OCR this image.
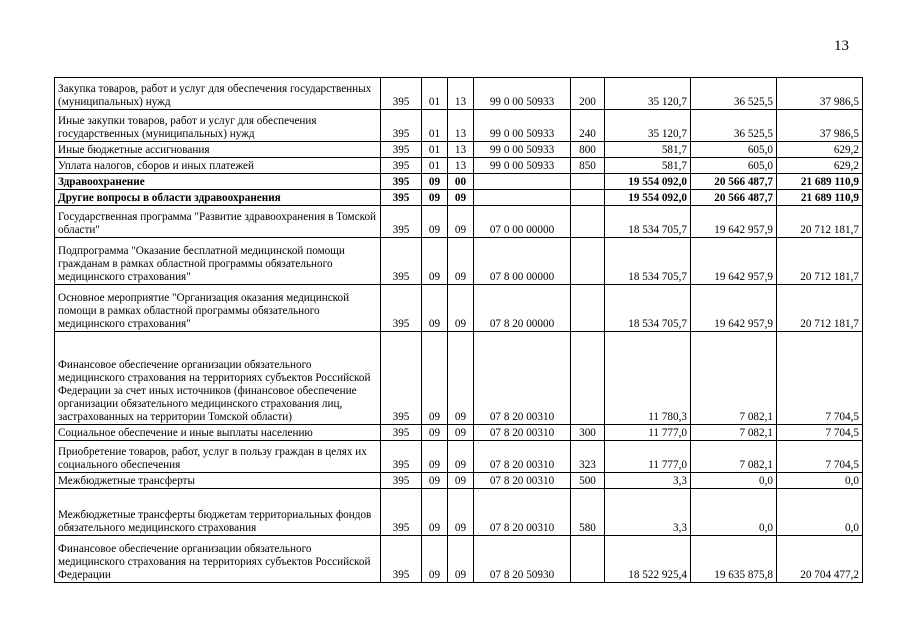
13
Закупка товаров, работ и услуг для обеспечения государственных (муниципальных) нужд	395	01	13	99 0 00 50933	200	35 120,7	36 525,5	37 986,5
Иные закупки товаров, работ и услуг для обеспечения государственных (муниципальных) нужд	395	01	13	99 0 00 50933	240	35 120,7	36 525,5	37 986,5
Иные бюджетные ассигнования	395	01	13	99 0 00 50933	800	581,7	605,0	629,2
Уплата налогов, сборов и иных платежей	395	01	13	99 0 00 50933	850	581,7	605,0	629,2
Здравоохранение	395	09	00			19 554 092,0	20 566 487,7	21 689 110,9
Другие вопросы в области здравоохранения	395	09	09			19 554 092,0	20 566 487,7	21 689 110,9
Государственная программа "Развитие здравоохранения в Томской области"	395	09	09	07 0 00 00000		18 534 705,7	19 642 957,9	20 712 181,7
Подпрограмма "Оказание бесплатной медицинской помощи гражданам в рамках областной программы обязательного медицинского страхования"	395	09	09	07 8 00 00000		18 534 705,7	19 642 957,9	20 712 181,7
Основное мероприятие "Организация оказания медицинской помощи в рамках областной программы обязательного медицинского страхования"	395	09	09	07 8 20 00000		18 534 705,7	19 642 957,9	20 712 181,7
Финансовое обеспечение организации обязательного медицинского страхования на территориях субъектов Российской Федерации за счет иных источников (финансовое обеспечение организации обязательного медицинского страхования лиц, застрахованных на территории Томской области)	395	09	09	07 8 20 00310		11 780,3	7 082,1	7 704,5
Социальное обеспечение и иные выплаты населению	395	09	09	07 8 20 00310	300	11 777,0	7 082,1	7 704,5
Приобретение товаров, работ, услуг в пользу граждан в целях их социального обеспечения	395	09	09	07 8 20 00310	323	11 777,0	7 082,1	7 704,5
Межбюджетные трансферты	395	09	09	07 8 20 00310	500	3,3	0,0	0,0
Межбюджетные трансферты бюджетам территориальных фондов обязательного медицинского страхования	395	09	09	07 8 20 00310	580	3,3	0,0	0,0
Финансовое обеспечение организации обязательного медицинского страхования на территориях субъектов Российской Федерации	395	09	09	07 8 20 50930		18 522 925,4	19 635 875,8	20 704 477,2
